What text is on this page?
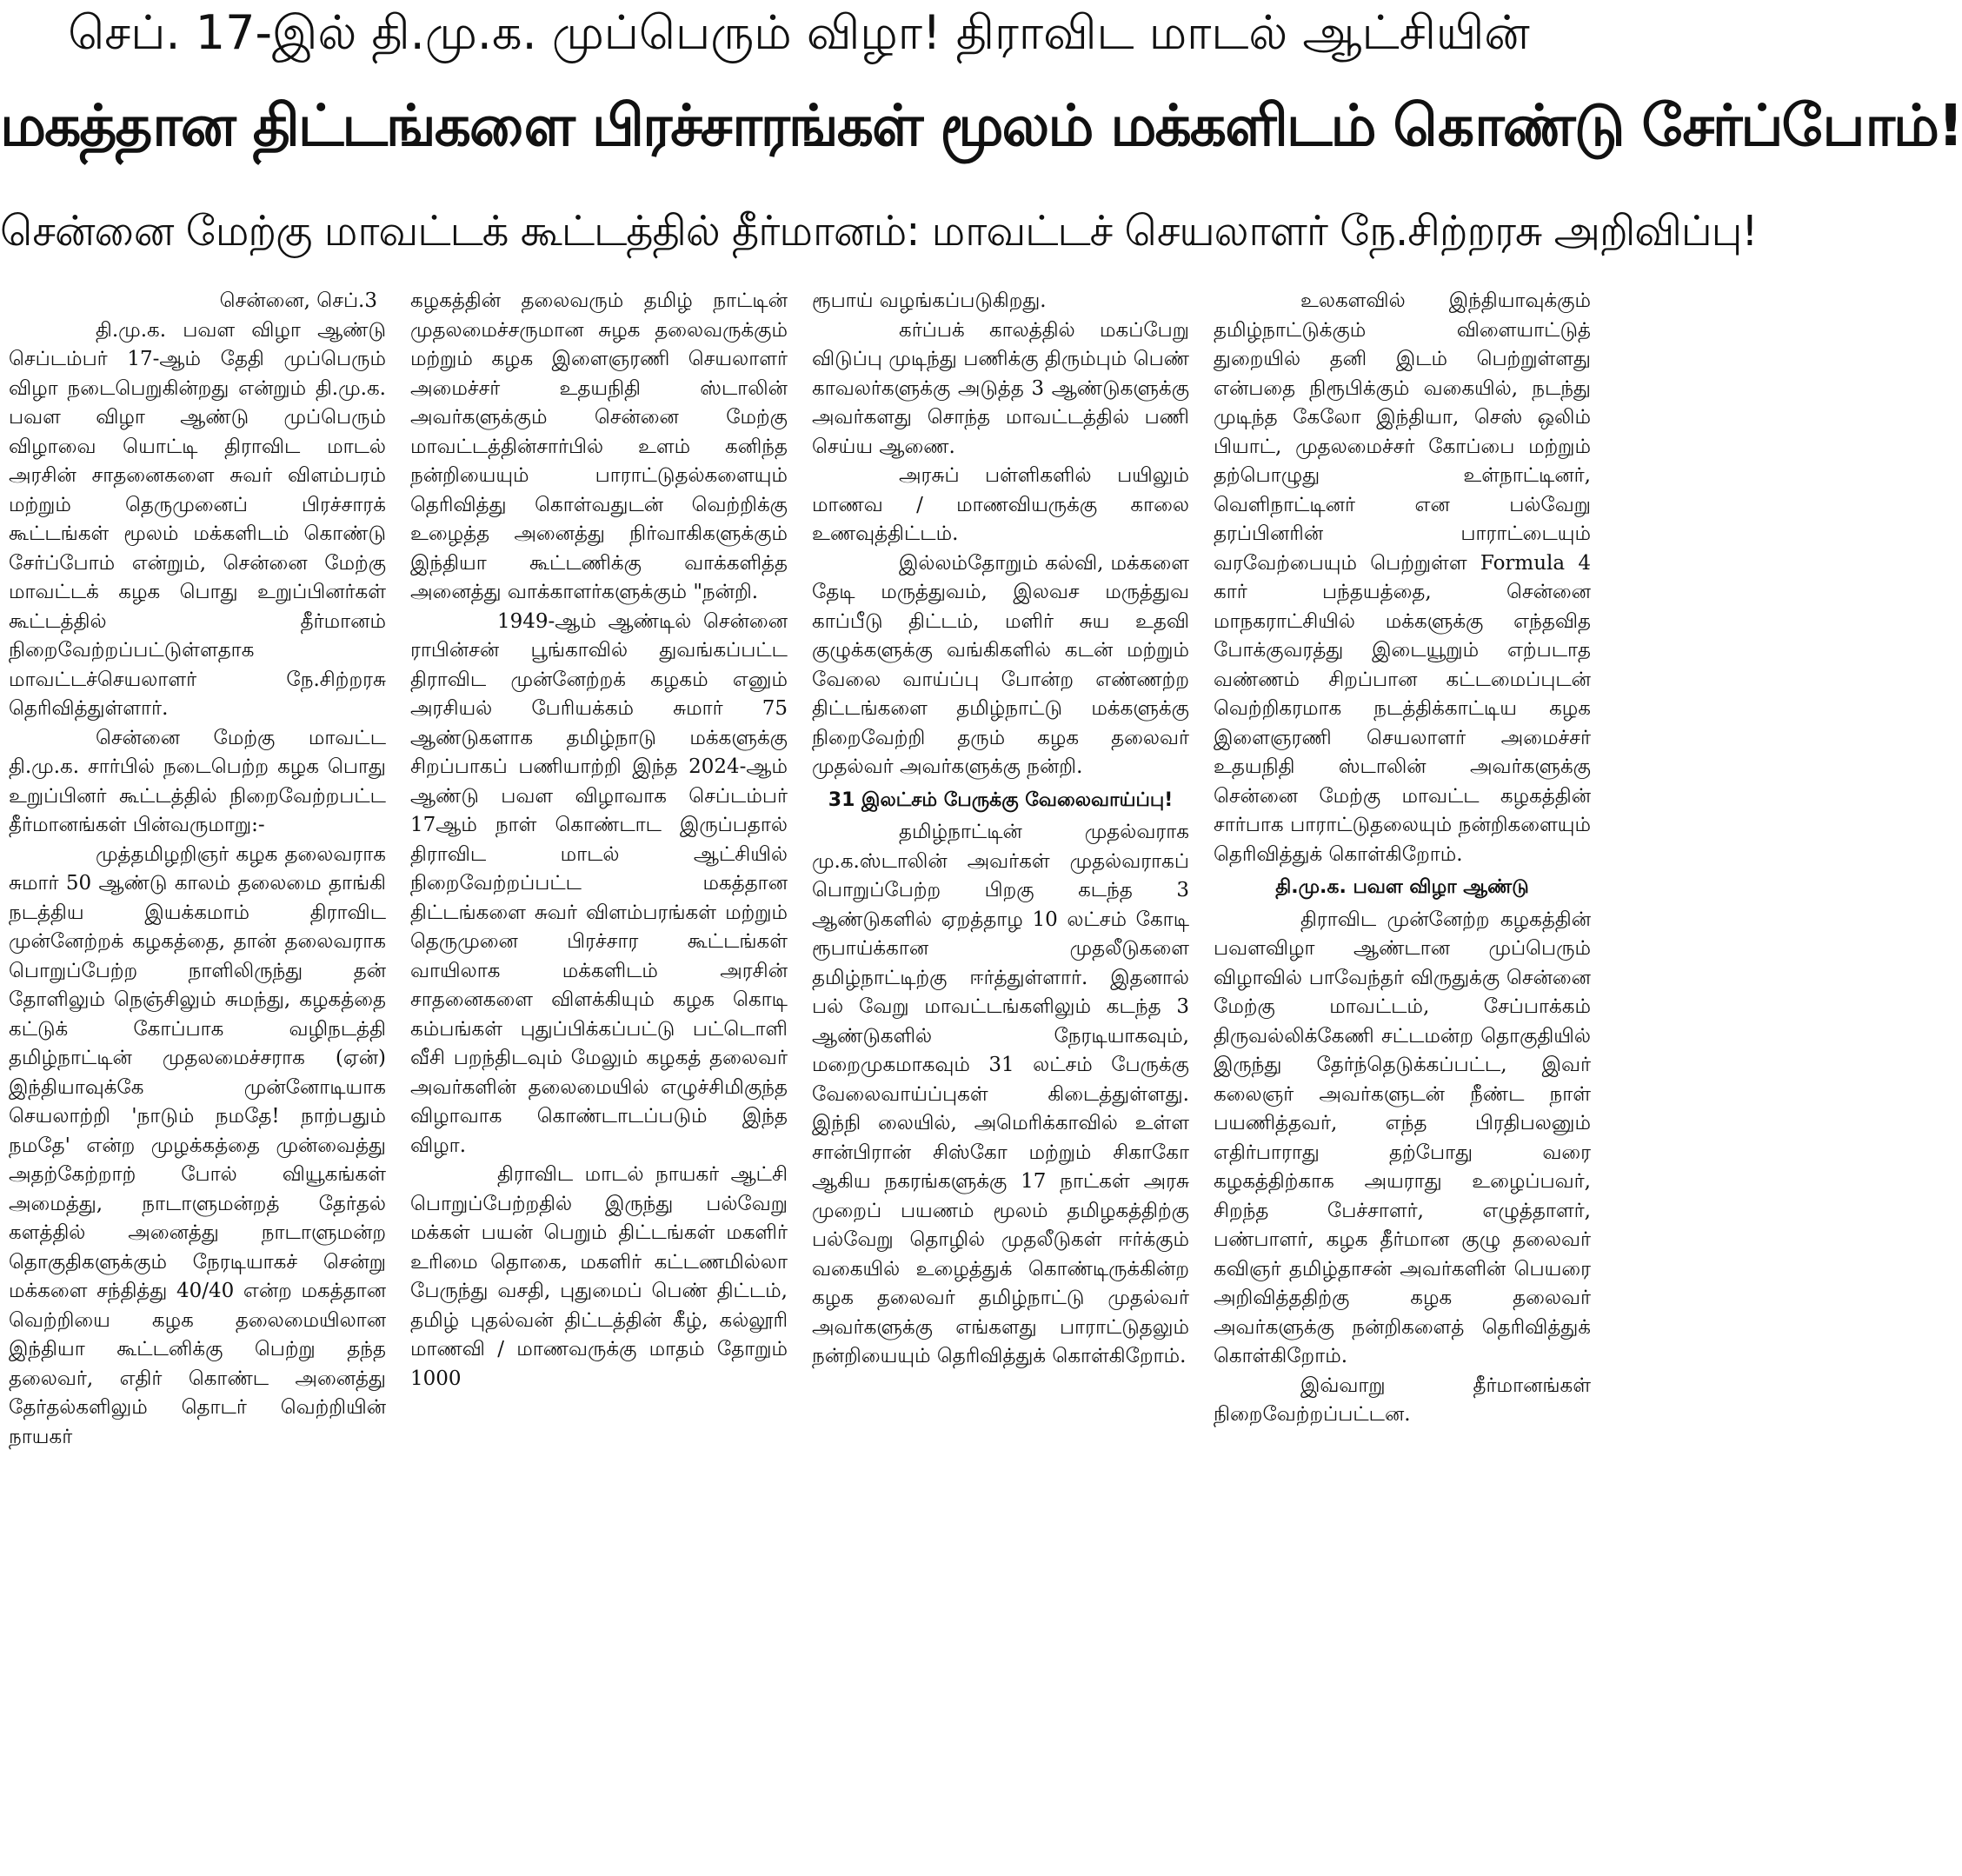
செப். 17-இல் தி.மு.க. முப்பெரும் விழா! திராவிட மாடல் ஆட்சியின்
மகத்தான திட்டங்களை பிரச்சாரங்கள் மூலம் மக்களிடம் கொண்டு சேர்ப்போம்!
சென்னை மேற்கு மாவட்டக் கூட்டத்தில் தீர்மானம்: மாவட்டச் செயலாளர் நே.சிற்றரசு அறிவிப்பு!

சென்னை, செப்.3

தி.மு.க. பவள விழா ஆண்டு செப்டம்பர் 17-ஆம் தேதி முப்பெரும் விழா நடைபெறுகின்றது என்றும் தி.மு.க. பவள விழா ஆண்டு முப்பெரும் விழாவை யொட்டி திராவிட மாடல் அரசின் சாதனைகளை சுவர் விளம்பரம் மற்றும் தெருமுனைப் பிரச்சாரக் கூட்டங்கள் மூலம் மக்களிடம் கொண்டு சேர்ப்போம் என்றும், சென்னை மேற்கு மாவட்டக் கழக பொது உறுப்பினர்கள் கூட்டத்தில் தீர்மானம் நிறைவேற்றப்பட்டுள்ளதாக மாவட்டச்செயலாளர் நே.சிற்றரசு தெரிவித்துள்ளார்.

சென்னை மேற்கு மாவட்ட தி.மு.க. சார்பில் நடைபெற்ற கழக பொது உறுப்பினர் கூட்டத்தில் நிறைவேற்றபட்ட தீர்மானங்கள் பின்வருமாறு:-

முத்தமிழறிஞர் கழக தலைவராக சுமார் 50 ஆண்டு காலம் தலைமை தாங்கி நடத்திய இயக்கமாம் திராவிட முன்னேற்றக் கழகத்தை, தான் தலைவராக பொறுப்பேற்ற நாளிலிருந்து தன் தோளிலும் நெஞ்சிலும் சுமந்து, கழகத்தை கட்டுக் கோப்பாக வழிநடத்தி தமிழ்நாட்டின் முதலமைச்சராக (ஏன்) இந்தியாவுக்கே முன்னோடியாக செயலாற்றி 'நாடும் நமதே! நாற்பதும் நமதே' என்ற முழக்கத்தை முன்வைத்து அதற்கேற்றாற் போல் வியூகங்கள் அமைத்து, நாடாளுமன்றத் தேர்தல் களத்தில் அனைத்து நாடாளுமன்ற தொகுதிகளுக்கும் நேரடியாகச் சென்று மக்களை சந்தித்து 40/40 என்ற மகத்தான வெற்றியை கழக தலைமையிலான இந்தியா கூட்டனிக்கு பெற்று தந்த தலைவர், எதிர் கொண்ட அனைத்து தேர்தல்களிலும் தொடர் வெற்றியின் நாயகர்

கழகத்தின் தலைவரும் தமிழ் நாட்டின் முதலமைச்சருமான சுழக தலைவருக்கும் மற்றும் கழக இளைஞரணி செயலாளர் அமைச்சர் உதயநிதி ஸ்டாலின் அவர்களுக்கும் சென்னை மேற்கு மாவட்டத்தின்சார்பில் உளம் கனிந்த நன்றியையும் பாராட்டுதல்களையும் தெரிவித்து கொள்வதுடன் வெற்றிக்கு உழைத்த அனைத்து நிர்வாகிகளுக்கும் இந்தியா கூட்டணிக்கு வாக்களித்த அனைத்து வாக்காளர்களுக்கும் "நன்றி.

1949-ஆம் ஆண்டில் சென்னை ராபின்சன் பூங்காவில் துவங்கப்பட்ட திராவிட முன்னேற்றக் கழகம் எனும் அரசியல் பேரியக்கம் சுமார் 75 ஆண்டுகளாக தமிழ்நாடு மக்களுக்கு சிறப்பாகப் பணியாற்றி இந்த 2024-ஆம் ஆண்டு பவள விழாவாக செப்டம்பர் 17ஆம் நாள் கொண்டாட இருப்பதால் திராவிட மாடல் ஆட்சியில் நிறைவேற்றப்பட்ட மகத்தான திட்டங்களை சுவர் விளம்பரங்கள் மற்றும் தெருமுனை பிரச்சார கூட்டங்கள் வாயிலாக மக்களிடம் அரசின் சாதனைகளை விளக்கியும் கழக கொடி கம்பங்கள் புதுப்பிக்கப்பட்டு பட்டொளி வீசி பறந்திடவும் மேலும் கழகத் தலைவர் அவர்களின் தலைமையில் எழுச்சிமிகுந்த விழாவாக கொண்டாடப்படும் இந்த விழா.

திராவிட மாடல் நாயகர் ஆட்சி பொறுப்பேற்றதில் இருந்து பல்வேறு மக்கள் பயன் பெறும் திட்டங்கள் மகளிர் உரிமை தொகை, மகளிர் கட்டணமில்லா பேருந்து வசதி, புதுமைப் பெண் திட்டம், தமிழ் புதல்வன் திட்டத்தின் கீழ், கல்லூரி மாணவி / மாணவருக்கு மாதம் தோறும் 1000

ரூபாய் வழங்கப்படுகிறது.

கர்ப்பக் காலத்தில் மகப்பேறு விடுப்பு முடிந்து பணிக்கு திரும்பும் பெண் காவலர்களுக்கு அடுத்த 3 ஆண்டுகளுக்கு அவர்களது சொந்த மாவட்டத்தில் பணி செய்ய ஆணை.

அரசுப் பள்ளிகளில் பயிலும் மாணவ / மாணவியருக்கு காலை உணவுத்திட்டம்.

இல்லம்தோறும் கல்வி, மக்களை தேடி மருத்துவம், இலவச மருத்துவ காப்பீடு திட்டம், மளிர் சுய உதவி குழுக்களுக்கு வங்கிகளில் கடன் மற்றும் வேலை வாய்ப்பு போன்ற எண்ணற்ற திட்டங்களை தமிழ்நாட்டு மக்களுக்கு நிறைவேற்றி தரும் கழக தலைவர் முதல்வர் அவர்களுக்கு நன்றி.

31 இலட்சம் பேருக்கு வேலைவாய்ப்பு!

தமிழ்நாட்டின் முதல்வராக மு.க.ஸ்டாலின் அவர்கள் முதல்வராகப் பொறுப்பேற்ற பிறகு கடந்த 3 ஆண்டுகளில் ஏறத்தாழ 10 லட்சம் கோடி ரூபாய்க்கான முதலீடுகளை தமிழ்நாட்டிற்கு ஈர்த்துள்ளார். இதனால் பல் வேறு மாவட்டங்களிலும் கடந்த 3 ஆண்டுகளில் நேரடியாகவும், மறைமுகமாகவும் 31 லட்சம் பேருக்கு வேலைவாய்ப்புகள் கிடைத்துள்ளது. இந்நி லையில், அமெரிக்காவில் உள்ள சான்பிரான் சிஸ்கோ மற்றும் சிகாகோ ஆகிய நகரங்களுக்கு 17 நாட்கள் அரசு முறைப் பயணம் மூலம் தமிழகத்திற்கு பல்வேறு தொழில் முதலீடுகள் ஈர்க்கும் வகையில் உழைத்துக் கொண்டிருக்கின்ற கழக தலைவர் தமிழ்நாட்டு முதல்வர் அவர்களுக்கு எங்களது பாராட்டுதலும் நன்றியையும் தெரிவித்துக் கொள்கிறோம்.

உலகளவில் இந்தியாவுக்கும் தமிழ்நாட்டுக்கும் விளையாட்டுத் துறையில் தனி இடம் பெற்றுள்ளது என்பதை நிரூபிக்கும் வகையில், நடந்து முடிந்த கேலோ இந்தியா, செஸ் ஒலிம் பியாட், முதலமைச்சர் கோப்பை மற்றும் தற்பொழுது உள்நாட்டினர், வெளிநாட்டினர் என பல்வேறு தரப்பினரின் பாராட்டையும் வரவேற்பையும் பெற்றுள்ள Formula 4 கார் பந்தயத்தை, சென்னை மாநகராட்சியில் மக்களுக்கு எந்தவித போக்குவரத்து இடையூறும் எற்படாத வண்ணம் சிறப்பான கட்டமைப்புடன் வெற்றிகரமாக நடத்திக்காட்டிய கழக இளைஞரணி செயலாளர் அமைச்சர் உதயநிதி ஸ்டாலின் அவர்களுக்கு சென்னை மேற்கு மாவட்ட கழகத்தின் சார்பாக பாராட்டுதலையும் நன்றிகளையும் தெரிவித்துக் கொள்கிறோம்.

தி.மு.க. பவள விழா ஆண்டு

திராவிட முன்னேற்ற கழகத்தின் பவளவிழா ஆண்டான முப்பெரும் விழாவில் பாவேந்தர் விருதுக்கு சென்னை மேற்கு மாவட்டம், சேப்பாக்கம் திருவல்லிக்கேணி சட்டமன்ற தொகுதியில் இருந்து தேர்ந்தெடுக்கப்பட்ட, இவர் கலைஞர் அவர்களுடன் நீண்ட நாள் பயணித்தவர், எந்த பிரதிபலனும் எதிர்பாராது தற்போது வரை கழகத்திற்காக அயராது உழைப்பவர், சிறந்த பேச்சாளர், எழுத்தாளர், பண்பாளர், கழக தீர்மான குழு தலைவர் கவிஞர் தமிழ்தாசன் அவர்களின் பெயரை அறிவித்ததிற்கு கழக தலைவர் அவர்களுக்கு நன்றிகளைத் தெரிவித்துக் கொள்கிறோம்.

இவ்வாறு தீர்மானங்கள் நிறைவேற்றப்பட்டன.
